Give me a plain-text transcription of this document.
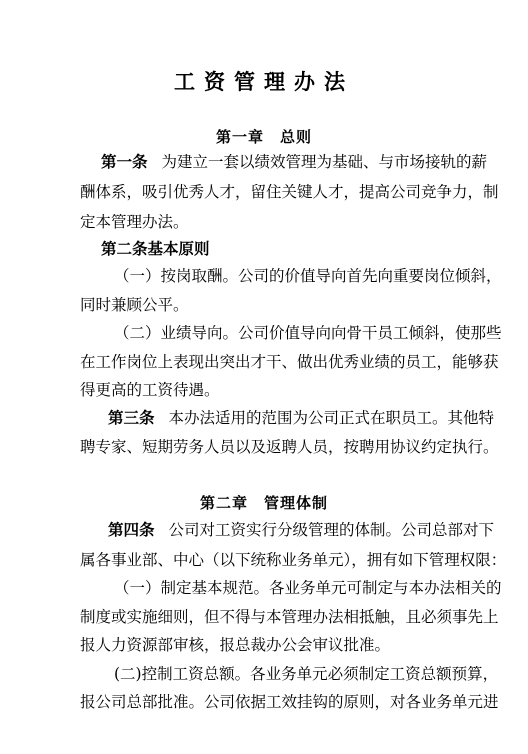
工资管理办法
第一章 总则
第一条 为建立一套以绩效管理为基础、与市场接轨的薪
酬体系，吸引优秀人才，留住关键人才，提高公司竞争力，制
定本管理办法。
第二条基本原则
（一）按岗取酬。公司的价值导向首先向重要岗位倾斜，
同时兼顾公平。
（二）业绩导向。公司价值导向向骨干员工倾斜，使那些
在工作岗位上表现出突出才干、做出优秀业绩的员工，能够获
得更高的工资待遇。
第三条 本办法适用的范围为公司正式在职员工。其他特
聘专家、短期劳务人员以及返聘人员，按聘用协议约定执行。
第二章 管理体制
第四条 公司对工资实行分级管理的体制。公司总部对下
属各事业部、中心（以下统称业务单元），拥有如下管理权限：
（一）制定基本规范。各业务单元可制定与本办法相关的
制度或实施细则，但不得与本管理办法相抵触，且必须事先上
报人力资源部审核，报总裁办公会审议批准。
(二)控制工资总额。各业务单元必须制定工资总额预算，
报公司总部批准。公司依据工效挂钩的原则，对各业务单元进
